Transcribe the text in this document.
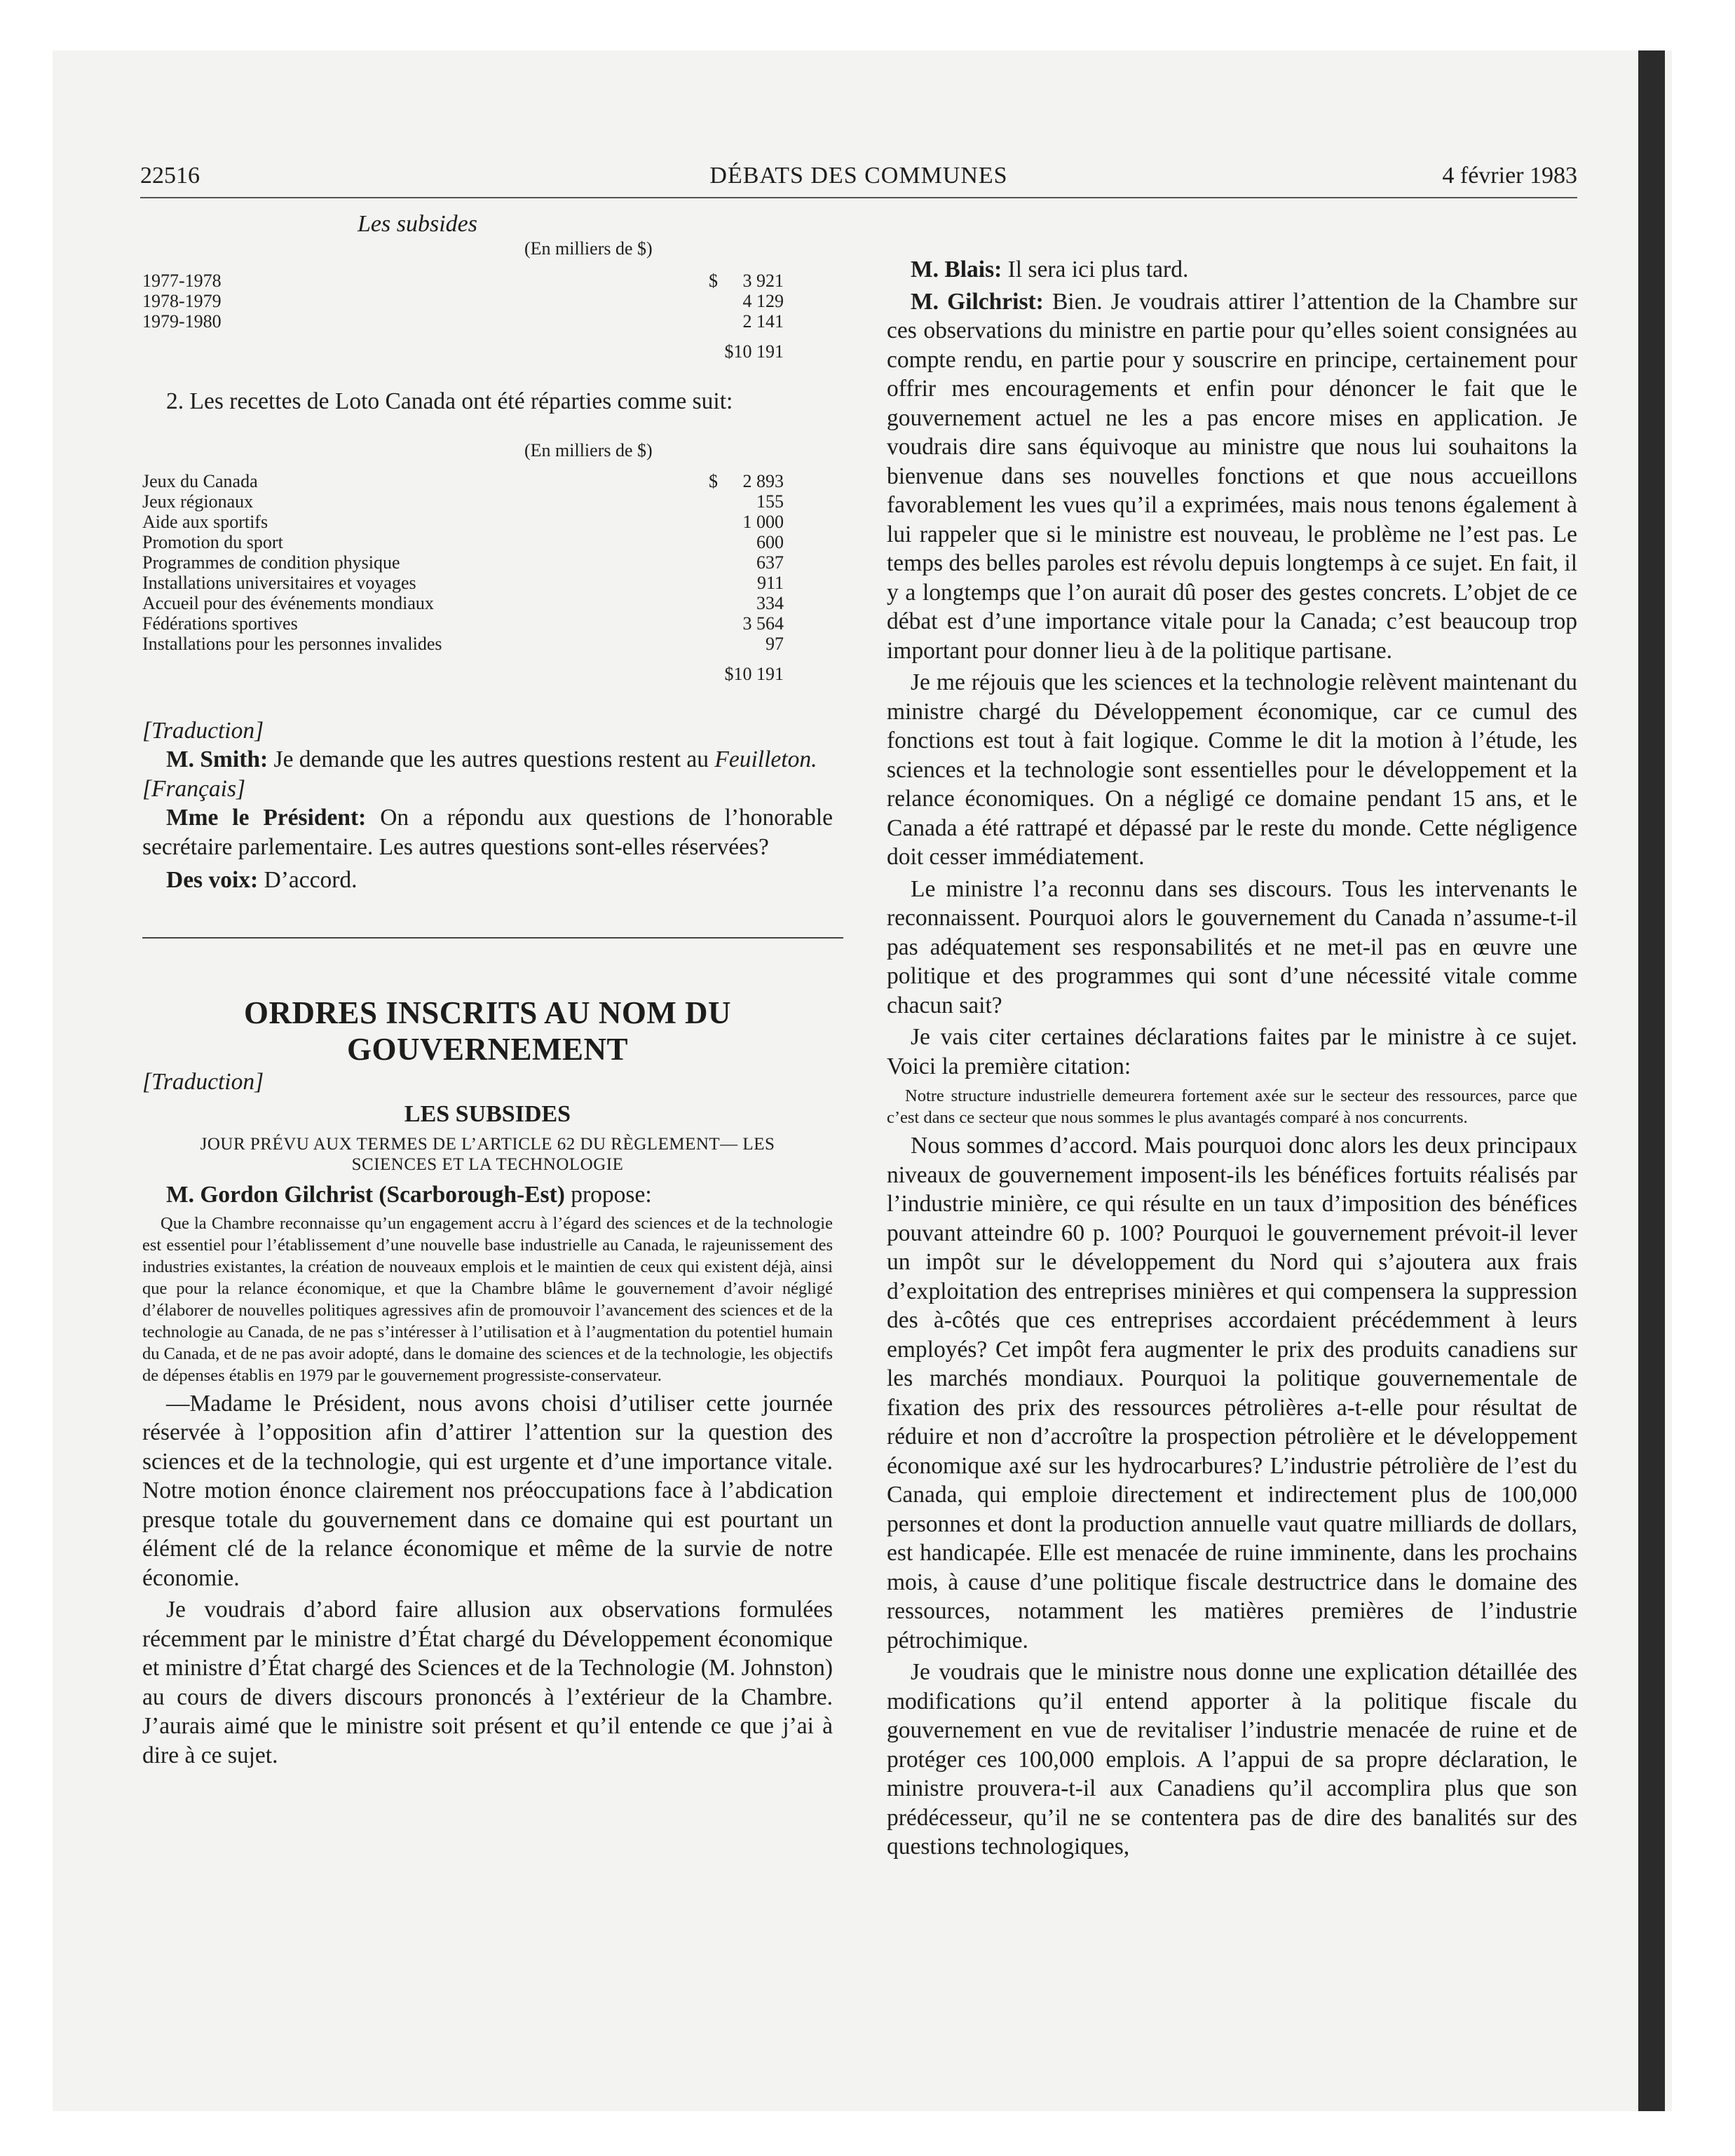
22516	DÉBATS DES COMMUNES	4 février 1983
Les subsides
(En milliers de $)
1977-1978	$	3 921
1978-1979	4 129
1979-1980	2 141
$10 191

2. Les recettes de Loto Canada ont été réparties comme suit:

(En milliers de $)
Jeux du Canada	$	2 893
Jeux régionaux	155
Aide aux sportifs	1 000
Promotion du sport	600
Programmes de condition physique	637
Installations universitaires et voyages	911
Accueil pour des événements mondiaux	334
Fédérations sportives	3 564
Installations pour les personnes invalides	97
$10 191

[Traduction]

M. Smith: Je demande que les autres questions restent au Feuilleton.

[Français]

Mme le Président: On a répondu aux questions de l’honorable secrétaire parlementaire. Les autres questions sont-elles réservées?

Des voix: D’accord.

ORDRES INSCRITS AU NOM DU GOUVERNEMENT

[Traduction]

LES SUBSIDES
JOUR PRÉVU AUX TERMES DE L’ARTICLE 62 DU RÈGLEMENT— LES SCIENCES ET LA TECHNOLOGIE

M. Gordon Gilchrist (Scarborough-Est) propose:

Que la Chambre reconnaisse qu’un engagement accru à l’égard des sciences et de la technologie est essentiel pour l’établissement d’une nouvelle base industrielle au Canada, le rajeunissement des industries existantes, la création de nouveaux emplois et le maintien de ceux qui existent déjà, ainsi que pour la relance économique, et que la Chambre blâme le gouvernement d’avoir négligé d’élaborer de nouvelles politiques agressives afin de promouvoir l’avancement des sciences et de la technologie au Canada, de ne pas s’intéresser à l’utilisation et à l’augmentation du potentiel humain du Canada, et de ne pas avoir adopté, dans le domaine des sciences et de la technologie, les objectifs de dépenses établis en 1979 par le gouvernement progressiste-conservateur.

—Madame le Président, nous avons choisi d’utiliser cette journée réservée à l’opposition afin d’attirer l’attention sur la question des sciences et de la technologie, qui est urgente et d’une importance vitale. Notre motion énonce clairement nos préoccupations face à l’abdication presque totale du gouvernement dans ce domaine qui est pourtant un élément clé de la relance économique et même de la survie de notre économie.

Je voudrais d’abord faire allusion aux observations formulées récemment par le ministre d’État chargé du Développement économique et ministre d’État chargé des Sciences et de la Technologie (M. Johnston) au cours de divers discours prononcés à l’extérieur de la Chambre. J’aurais aimé que le ministre soit présent et qu’il entende ce que j’ai à dire à ce sujet.

M. Blais: Il sera ici plus tard.

M. Gilchrist: Bien. Je voudrais attirer l’attention de la Chambre sur ces observations du ministre en partie pour qu’elles soient consignées au compte rendu, en partie pour y souscrire en principe, certainement pour offrir mes encouragements et enfin pour dénoncer le fait que le gouvernement actuel ne les a pas encore mises en application. Je voudrais dire sans équivoque au ministre que nous lui souhaitons la bienvenue dans ses nouvelles fonctions et que nous accueillons favorablement les vues qu’il a exprimées, mais nous tenons également à lui rappeler que si le ministre est nouveau, le problème ne l’est pas. Le temps des belles paroles est révolu depuis longtemps à ce sujet. En fait, il y a longtemps que l’on aurait dû poser des gestes concrets. L’objet de ce débat est d’une importance vitale pour la Canada; c’est beaucoup trop important pour donner lieu à de la politique partisane.

Je me réjouis que les sciences et la technologie relèvent maintenant du ministre chargé du Développement économique, car ce cumul des fonctions est tout à fait logique. Comme le dit la motion à l’étude, les sciences et la technologie sont essentielles pour le développement et la relance économiques. On a négligé ce domaine pendant 15 ans, et le Canada a été rattrapé et dépassé par le reste du monde. Cette négligence doit cesser immédiatement.

Le ministre l’a reconnu dans ses discours. Tous les intervenants le reconnaissent. Pourquoi alors le gouvernement du Canada n’assume-t-il pas adéquatement ses responsabilités et ne met-il pas en œuvre une politique et des programmes qui sont d’une nécessité vitale comme chacun sait?

Je vais citer certaines déclarations faites par le ministre à ce sujet. Voici la première citation:

Notre structure industrielle demeurera fortement axée sur le secteur des ressources, parce que c’est dans ce secteur que nous sommes le plus avantagés comparé à nos concurrents.

Nous sommes d’accord. Mais pourquoi donc alors les deux principaux niveaux de gouvernement imposent-ils les bénéfices fortuits réalisés par l’industrie minière, ce qui résulte en un taux d’imposition des bénéfices pouvant atteindre 60 p. 100? Pourquoi le gouvernement prévoit-il lever un impôt sur le développement du Nord qui s’ajoutera aux frais d’exploitation des entreprises minières et qui compensera la suppression des à-côtés que ces entreprises accordaient précédemment à leurs employés? Cet impôt fera augmenter le prix des produits canadiens sur les marchés mondiaux. Pourquoi la politique gouvernementale de fixation des prix des ressources pétrolières a-t-elle pour résultat de réduire et non d’accroître la prospection pétrolière et le développement économique axé sur les hydrocarbures? L’industrie pétrolière de l’est du Canada, qui emploie directement et indirectement plus de 100,000 personnes et dont la production annuelle vaut quatre milliards de dollars, est handicapée. Elle est menacée de ruine imminente, dans les prochains mois, à cause d’une politique fiscale destructrice dans le domaine des ressources, notamment les matières premières de l’industrie pétrochimique.

Je voudrais que le ministre nous donne une explication détaillée des modifications qu’il entend apporter à la politique fiscale du gouvernement en vue de revitaliser l’industrie menacée de ruine et de protéger ces 100,000 emplois. A l’appui de sa propre déclaration, le ministre prouvera-t-il aux Canadiens qu’il accomplira plus que son prédécesseur, qu’il ne se contentera pas de dire des banalités sur des questions technologiques,
